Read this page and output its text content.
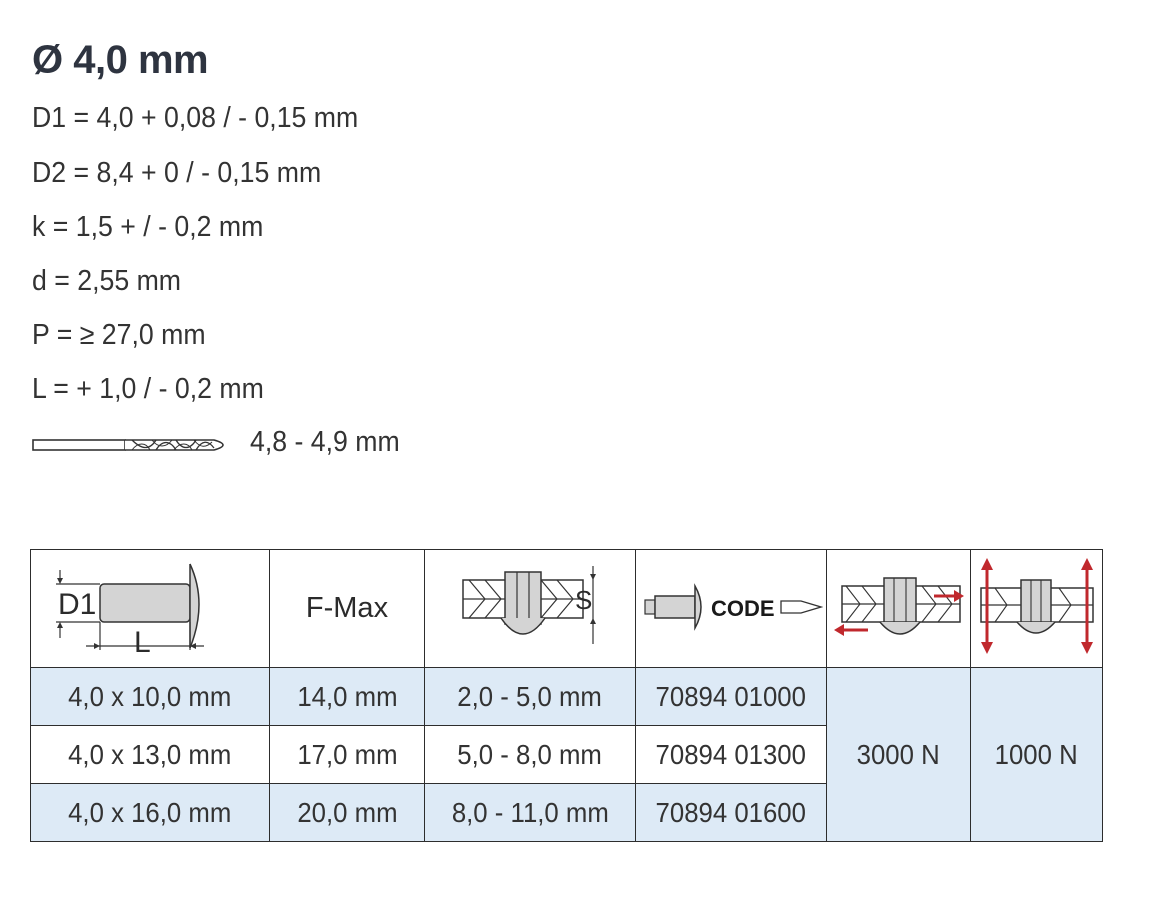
Ø 4,0 mm
D1 = 4,0 + 0,08 / - 0,15 mm
D2 = 8,4 + 0 / - 0,15 mm
k = 1,5 + / - 0,2 mm
d = 2,55 mm
P = ≥ 27,0 mm
L = + 1,0 / - 0,2 mm
4,8 - 4,9 mm
D1
L	F-Max	S	CODE

4,0 x 10,0 mm	14,0 mm	2,0 - 5,0 mm	70894 01000	3000 N	1000 N
4,0 x 13,0 mm	17,0 mm	5,0 - 8,0 mm	70894 01300		
4,0 x 16,0 mm	20,0 mm	8,0 - 11,0 mm	70894 01600		
